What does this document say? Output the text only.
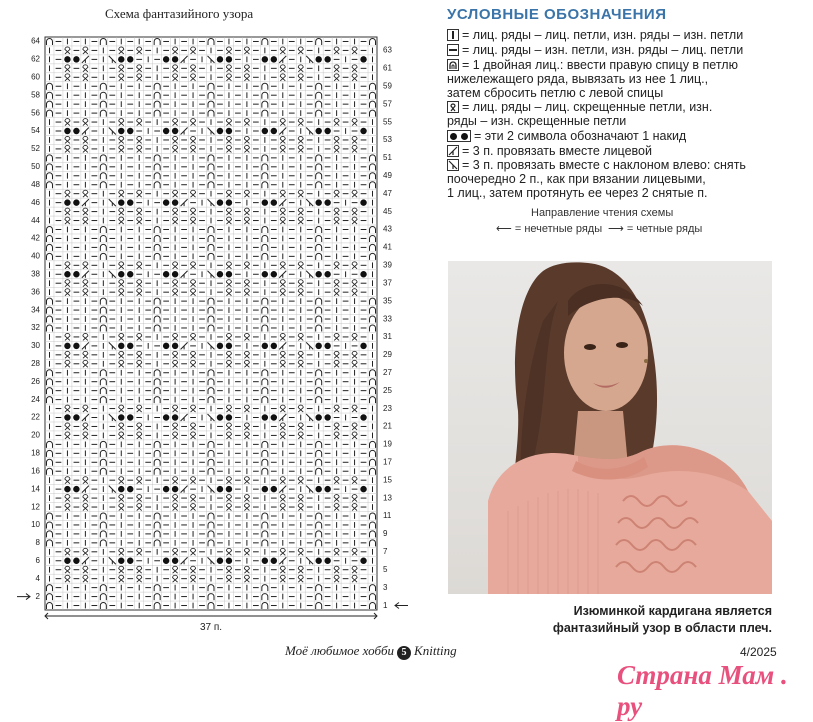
Схема фантазийного узора
64
62
60
58
56
54
52
50
48
46
44
42
40
38
36
34
32
30
28
26
24
22
20
18
16
14
12
10
8
6
4
2
63
61
59
57
55
53
51
49
47
45
43
41
39
37
35
33
31
29
27
25
23
21
19
17
15
13
11
9
7
5
3
1
37 п.
УСЛОВНЫЕ ОБОЗНАЧЕНИЯ
= лиц. ряды – лиц. петли, изн. ряды – изн. петли
= лиц. ряды – изн. петли, изн. ряды – лиц. петли
= 1 двойная лиц.: ввести правую спицу в петлю
нижележащего ряда, вывязать из нее 1 лиц.,
затем сбросить петлю с левой спицы
= лиц. ряды – лиц. скрещенные петли, изн.
ряды – изн. скрещенные петли
= эти 2 символа обозначают 1 накид
= 3 п. провязать вместе лицевой
= 3 п. провязать вместе с наклоном влево: снять
поочередно 2 п., как при вязании лицевыми,
1 лиц., затем протянуть ее через 2 снятые п.
Направление чтения схемы
⟵ = нечетные ряды ⟶ = четные ряды
Изюминкой кардигана является
фантазийный узор в области плеч.
Моё любимое хобби 5 Knitting	4/2025
Страна Мам . ру
